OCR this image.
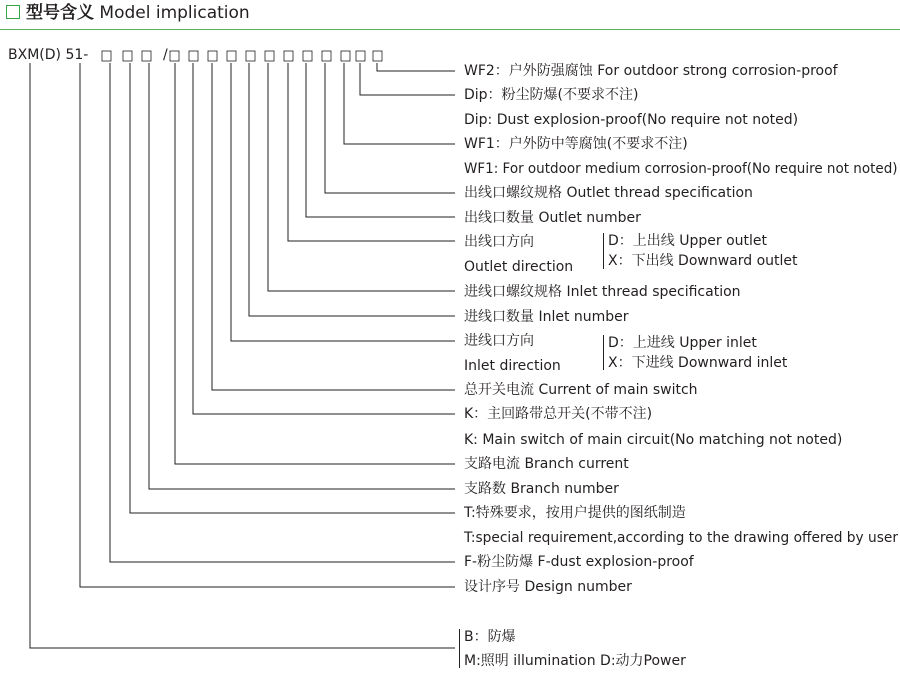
型号含义 Model implication
BXM(D) 51-	/
WF2：户外防强腐蚀 For outdoor strong corrosion-proof
Dip：粉尘防爆(不要求不注)
Dip: Dust explosion-proof(No require not noted)
WF1：户外防中等腐蚀(不要求不注)
WF1: For outdoor medium corrosion-proof(No require not noted)
出线口螺纹规格 Outlet thread specification
出线口数量 Outlet number
出线口方向
Outlet direction
D：上出线 Upper outlet
X：下出线 Downward outlet
进线口螺纹规格 Inlet thread specification
进线口数量 Inlet number
进线口方向
Inlet direction
D：上进线 Upper inlet
X：下进线 Downward inlet
总开关电流 Current of main switch
K：主回路带总开关(不带不注)
K: Main switch of main circuit(No matching not noted)
支路电流 Branch current
支路数 Branch number
T:特殊要求，按用户提供的图纸制造
T:special requirement,according to the drawing offered by user
F-粉尘防爆 F-dust explosion-proof
设计序号 Design number
B：防爆
M:照明 illumination D:动力Power
